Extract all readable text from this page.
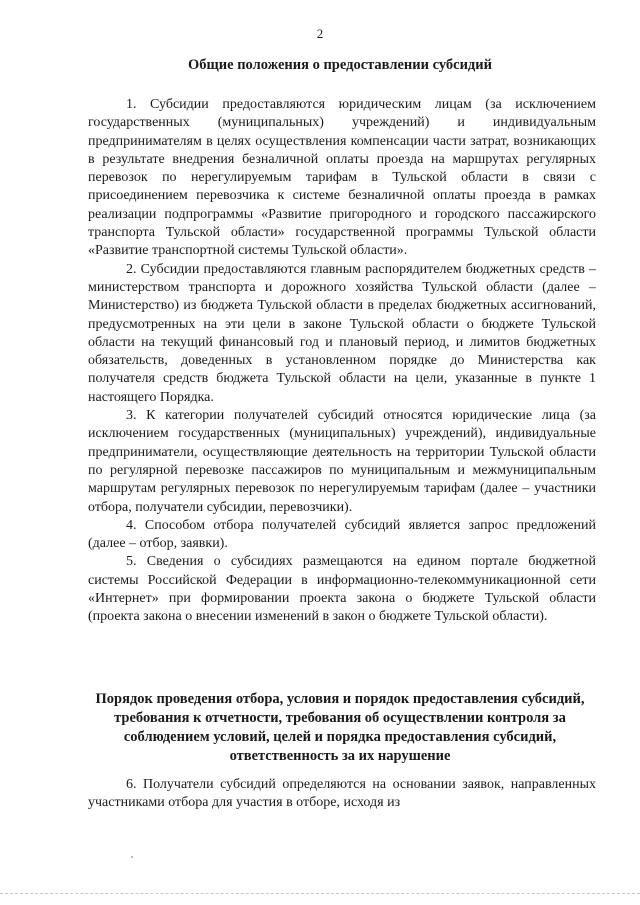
2
Общие положения о предоставлении субсидий

1. Субсидии предоставляются юридическим лицам (за исключением государственных (муниципальных) учреждений) и индивидуальным предпринимателям в целях осуществления компенсации части затрат, возникающих в результате внедрения безналичной оплаты проезда на маршрутах регулярных перевозок по нерегулируемым тарифам в Тульской области в связи с присоединением перевозчика к системе безналичной оплаты проезда в рамках реализации подпрограммы «Развитие пригородного и городского пассажирского транспорта Тульской области» государственной программы Тульской области «Развитие транспортной системы Тульской области».

2. Субсидии предоставляются главным распорядителем бюджетных средств – министерством транспорта и дорожного хозяйства Тульской области (далее – Министерство) из бюджета Тульской области в пределах бюджетных ассигнований, предусмотренных на эти цели в законе Тульской области о бюджете Тульской области на текущий финансовый год и плановый период, и лимитов бюджетных обязательств, доведенных в установленном порядке до Министерства как получателя средств бюджета Тульской области на цели, указанные в пункте 1 настоящего Порядка.

3. К категории получателей субсидий относятся юридические лица (за исключением государственных (муниципальных) учреждений), индивидуальные предприниматели, осуществляющие деятельность на территории Тульской области по регулярной перевозке пассажиров по муниципальным и межмуниципальным маршрутам регулярных перевозок по нерегулируемым тарифам (далее – участники отбора, получатели субсидии, перевозчики).

4. Способом отбора получателей субсидий является запрос предложений (далее – отбор, заявки).

5. Сведения о субсидиях размещаются на едином портале бюджетной системы Российской Федерации в информационно-телекоммуникационной сети «Интернет» при формировании проекта закона о бюджете Тульской области (проекта закона о внесении изменений в закон о бюджете Тульской области).

Порядок проведения отбора, условия и порядок предоставления субсидий, требования к отчетности, требования об осуществлении контроля за соблюдением условий, целей и порядка предоставления субсидий, ответственность за их нарушение

6. Получатели субсидий определяются на основании заявок, направленных участниками отбора для участия в отборе, исходя из
